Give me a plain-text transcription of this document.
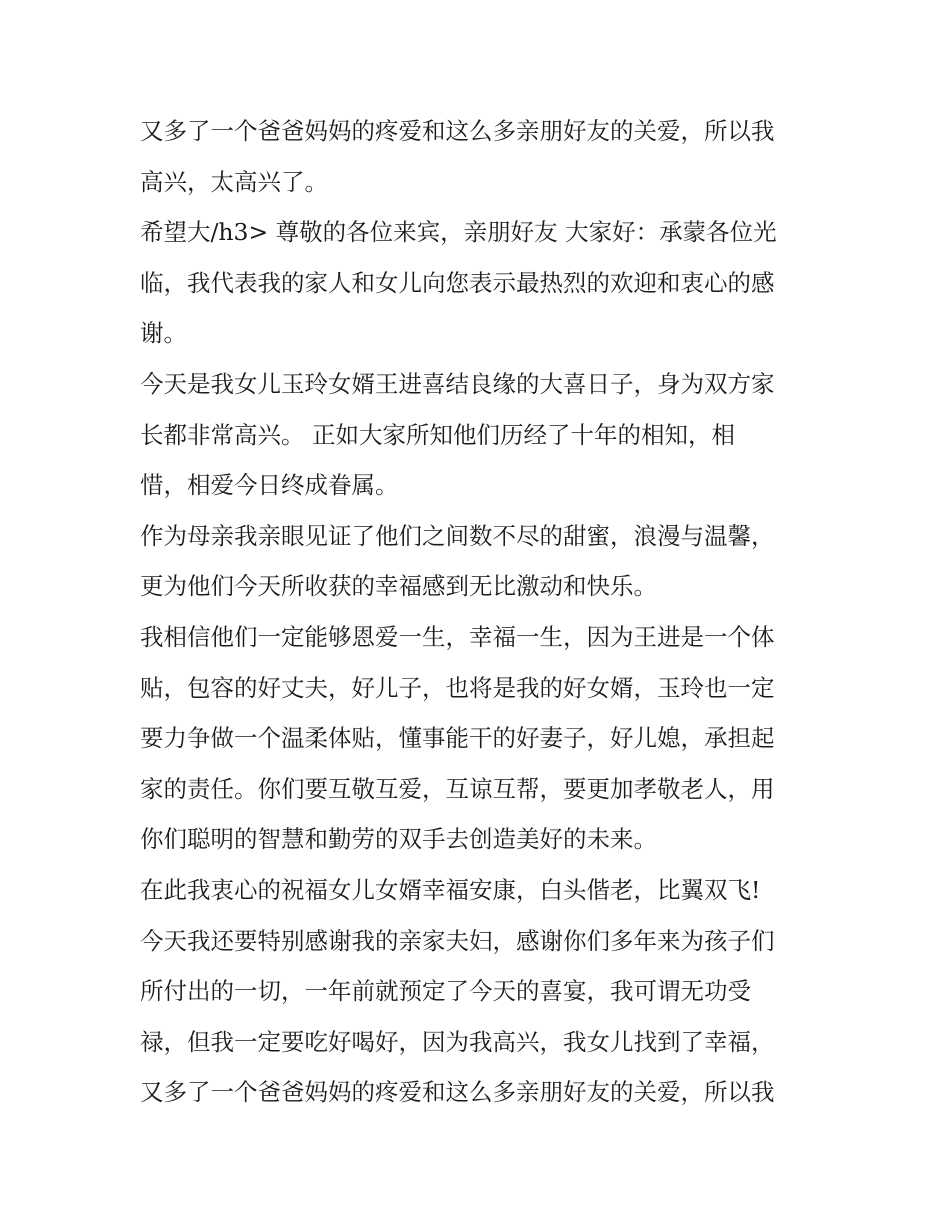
又多了一个爸爸妈妈的疼爱和这么多亲朋好友的关爱，所以我
高兴，太高兴了。

希望大/h3> 尊敬的各位来宾，亲朋好友 大家好：承蒙各位光
临，我代表我的家人和女儿向您表示最热烈的欢迎和衷心的感
谢。

今天是我女儿玉玲女婿王进喜结良缘的大喜日子，身为双方家
长都非常高兴。 正如大家所知他们历经了十年的相知，相
惜，相爱今日终成眷属。

作为母亲我亲眼见证了他们之间数不尽的甜蜜，浪漫与温馨，
更为他们今天所收获的幸福感到无比激动和快乐。

我相信他们一定能够恩爱一生，幸福一生，因为王进是一个体
贴，包容的好丈夫，好儿子，也将是我的好女婿，玉玲也一定
要力争做一个温柔体贴，懂事能干的好妻子，好儿媳，承担起
家的责任。你们要互敬互爱，互谅互帮，要更加孝敬老人，用
你们聪明的智慧和勤劳的双手去创造美好的未来。

在此我衷心的祝福女儿女婿幸福安康，白头偕老，比翼双飞!

今天我还要特别感谢我的亲家夫妇，感谢你们多年来为孩子们
所付出的一切，一年前就预定了今天的喜宴，我可谓无功受
禄，但我一定要吃好喝好，因为我高兴，我女儿找到了幸福，
又多了一个爸爸妈妈的疼爱和这么多亲朋好友的关爱，所以我
